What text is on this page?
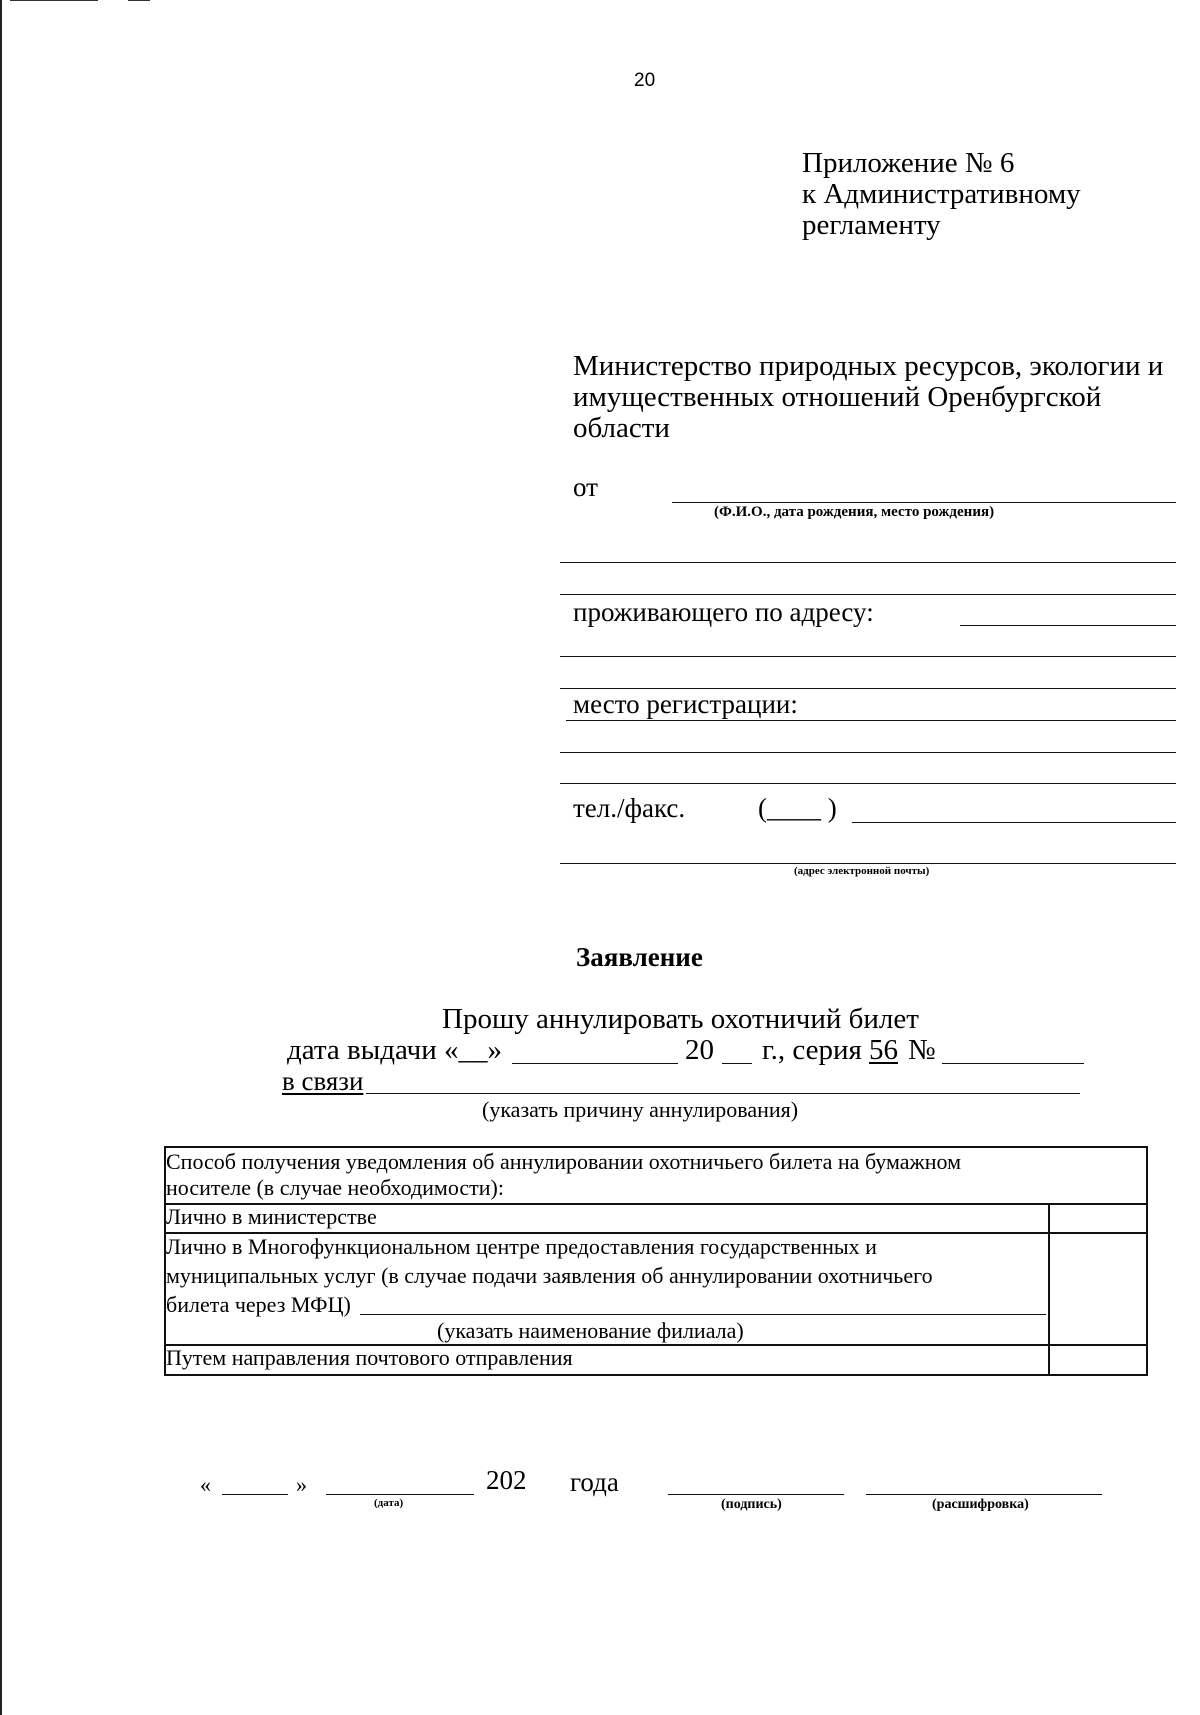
20
Приложение № 6
к Административному
регламенту
Министерство природных ресурсов, экологии и
имущественных отношений Оренбургской
области
от
(Ф.И.О., дата рождения, место рождения)
проживающего по адресу:
место регистрации:
тел./факс.	(____ )
(адрес электронной почты)
Заявление
Прошу аннулировать охотничий билет
дата выдачи «__»	20 г., серия 56 №
в связи
(указать причину аннулирования)
Способ получения уведомления об аннулировании охотничьего билета на бумажном
носителе (в случае необходимости):
Лично в министерстве
Лично в Многофункциональном центре предоставления государственных и
муниципальных услуг (в случае подачи заявления об аннулировании охотничьего
билета через МФЦ)
(указать наименование филиала)
Путем направления почтового отправления
«	»
(дата)
202 года
(подпись)	(расшифровка)
